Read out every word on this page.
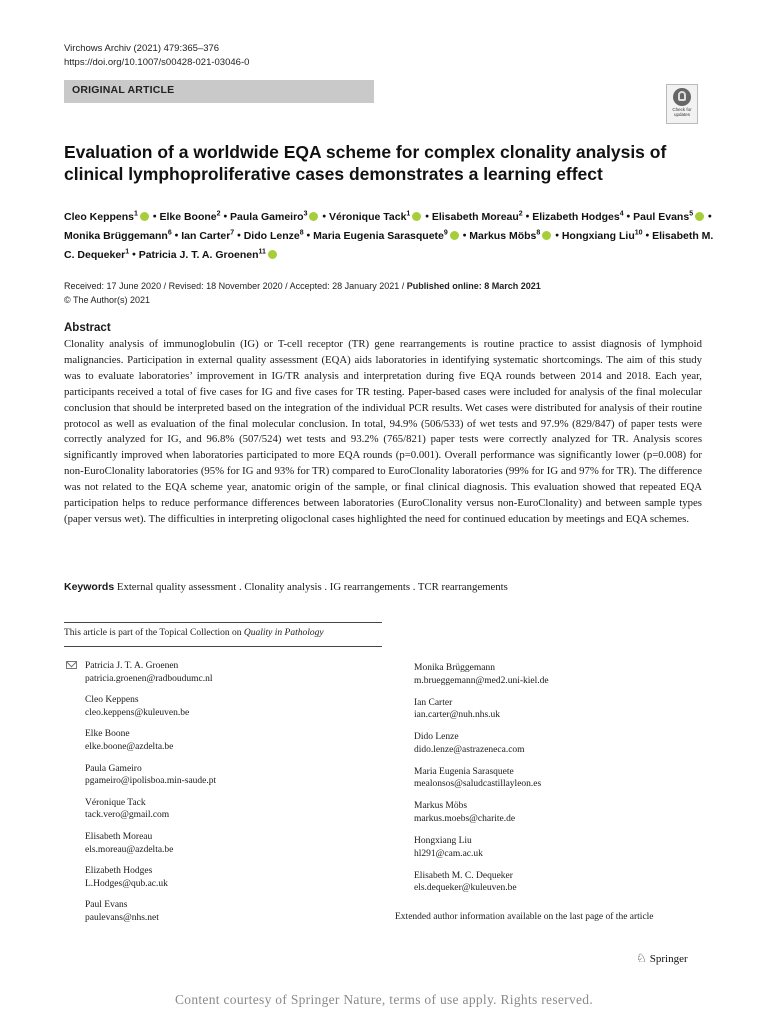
Virchows Archiv (2021) 479:365–376
https://doi.org/10.1007/s00428-021-03046-0
ORIGINAL ARTICLE
Check for
updates
Evaluation of a worldwide EQA scheme for complex clonality analysis of clinical lymphoproliferative cases demonstrates a learning effect
Cleo Keppens$^1$ • Elke Boone$^2$ • Paula Gameiro$^3$ • Véronique Tack$^1$ • Elisabeth Moreau$^2$ • Elizabeth Hodges$^4$ • Paul Evans$^5$ • Monika Brüggemann$^6$ • Ian Carter$^7$ • Dido Lenze$^8$ • Maria Eugenia Sarasquete$^9$ • Markus Möbs$^8$ • Hongxiang Liu$^{10}$ • Elisabeth M. C. Dequeker$^1$ • Patricia J. T. A. Groenen$^{11}$
Received: 17 June 2020 / Revised: 18 November 2020 / Accepted: 28 January 2021 / Published online: 8 March 2021
© The Author(s) 2021
Abstract
Clonality analysis of immunoglobulin (IG) or T-cell receptor (TR) gene rearrangements is routine practice to assist diagnosis of lymphoid malignancies. Participation in external quality assessment (EQA) aids laboratories in identifying systematic shortcomings. The aim of this study was to evaluate laboratories’ improvement in IG/TR analysis and interpretation during five EQA rounds between 2014 and 2018. Each year, participants received a total of five cases for IG and five cases for TR testing. Paper-based cases were included for analysis of the final molecular conclusion that should be interpreted based on the integration of the individual PCR results. Wet cases were distributed for analysis of their routine protocol as well as evaluation of the final molecular conclusion. In total, 94.9% (506/533) of wet tests and 97.9% (829/847) of paper tests were correctly analyzed for IG, and 96.8% (507/524) wet tests and 93.2% (765/821) paper tests were correctly analyzed for TR. Analysis scores significantly improved when laboratories participated to more EQA rounds (p=0.001). Overall performance was significantly lower (p=0.008) for non-EuroClonality laboratories (95% for IG and 93% for TR) compared to EuroClonality laboratories (99% for IG and 97% for TR). The difference was not related to the EQA scheme year, anatomic origin of the sample, or final clinical diagnosis. This evaluation showed that repeated EQA participation helps to reduce performance differences between laboratories (EuroClonality versus non-EuroClonality) and between sample types (paper versus wet). The difficulties in interpreting oligoclonal cases highlighted the need for continued education by meetings and EQA schemes.
Keywords External quality assessment . Clonality analysis . IG rearrangements . TCR rearrangements
This article is part of the Topical Collection on Quality in Pathology
Patricia J. T. A. Groenen
patricia.groenen@radboudumc.nl
Cleo Keppens
cleo.keppens@kuleuven.be
Elke Boone
elke.boone@azdelta.be
Paula Gameiro
pgameiro@ipolisboa.min-saude.pt
Véronique Tack
tack.vero@gmail.com
Elisabeth Moreau
els.moreau@azdelta.be
Elizabeth Hodges
L.Hodges@qub.ac.uk
Paul Evans
paulevans@nhs.net
Monika Brüggemann
m.brueggemann@med2.uni-kiel.de
Ian Carter
ian.carter@nuh.nhs.uk
Dido Lenze
dido.lenze@astrazeneca.com
Maria Eugenia Sarasquete
mealonsos@saludcastillayleon.es
Markus Möbs
markus.moebs@charite.de
Hongxiang Liu
hl291@cam.ac.uk
Elisabeth M. C. Dequeker
els.dequeker@kuleuven.be
Extended author information available on the last page of the article
♘ Springer
Content courtesy of Springer Nature, terms of use apply. Rights reserved.
